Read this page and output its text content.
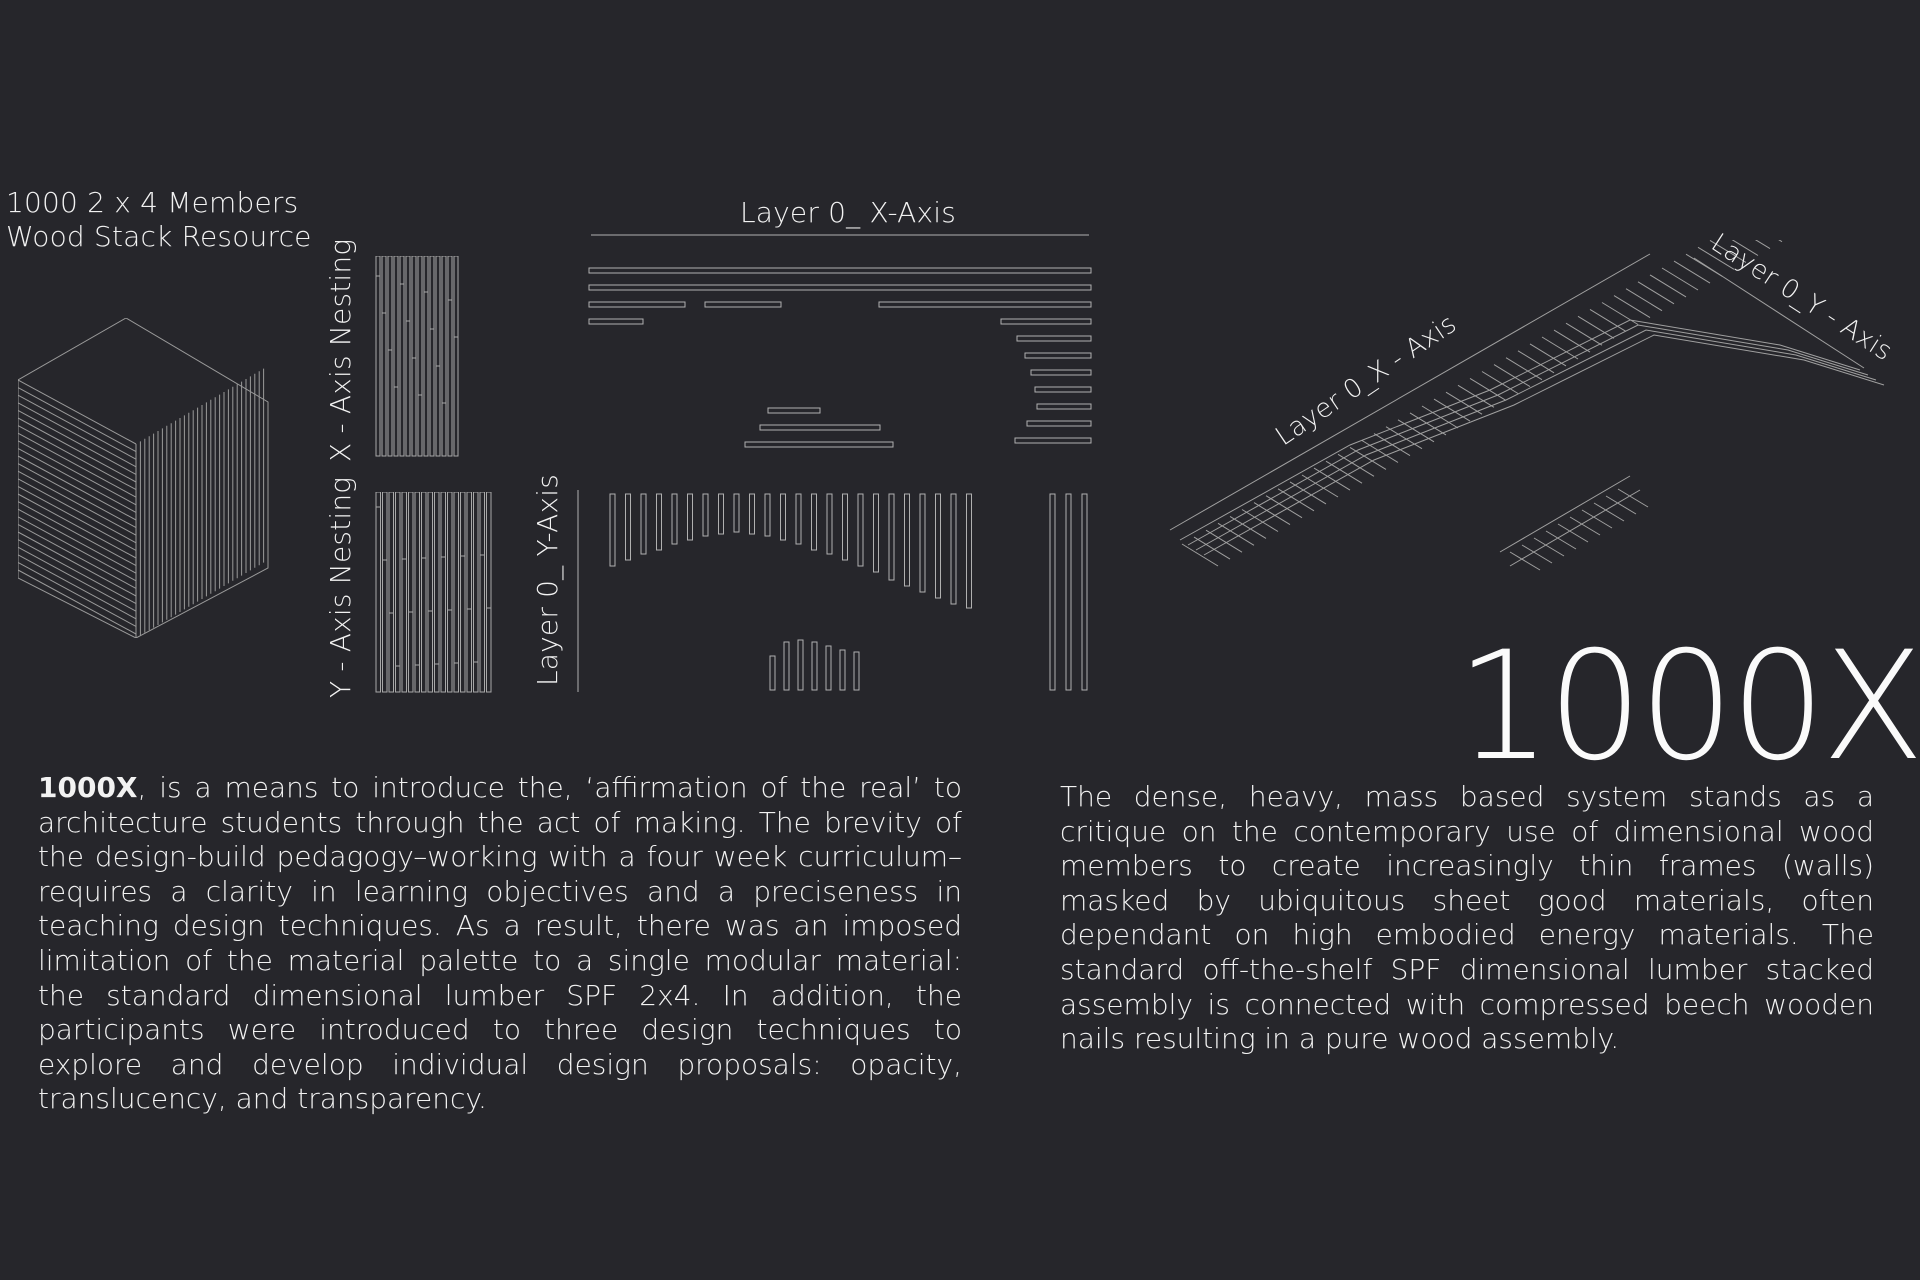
1000 2 x 4 Members
Wood Stack Resource
X - Axis Nesting
Y - Axis Nesting
Layer 0_ X-Axis
Layer 0_ Y-Axis
Layer 0_X - Axis
Layer 0_Y - Axis
1000X
1000X, is a means to introduce the, ‘affirmation of the real’ to architecture students through the act of making. The brevity of the design-build pedagogy–working with a four week curriculum–requires a clarity in learning objectives and a preciseness in teaching design techniques. As a result, there was an imposed limitation of the material palette to a single modular material: the standard dimensional lumber SPF 2x4. In addition, the participants were introduced to three design techniques to explore and develop individual design proposals: opacity, translucency, and transparency.
The dense, heavy, mass based system stands as a critique on the contemporary use of dimensional wood members to create increasingly thin frames (walls) masked by ubiquitous sheet good materials, often dependant on high embodied energy materials. The standard off-the-shelf SPF dimensional lumber stacked assembly is connected with compressed beech wooden nails resulting in a pure wood assembly.
